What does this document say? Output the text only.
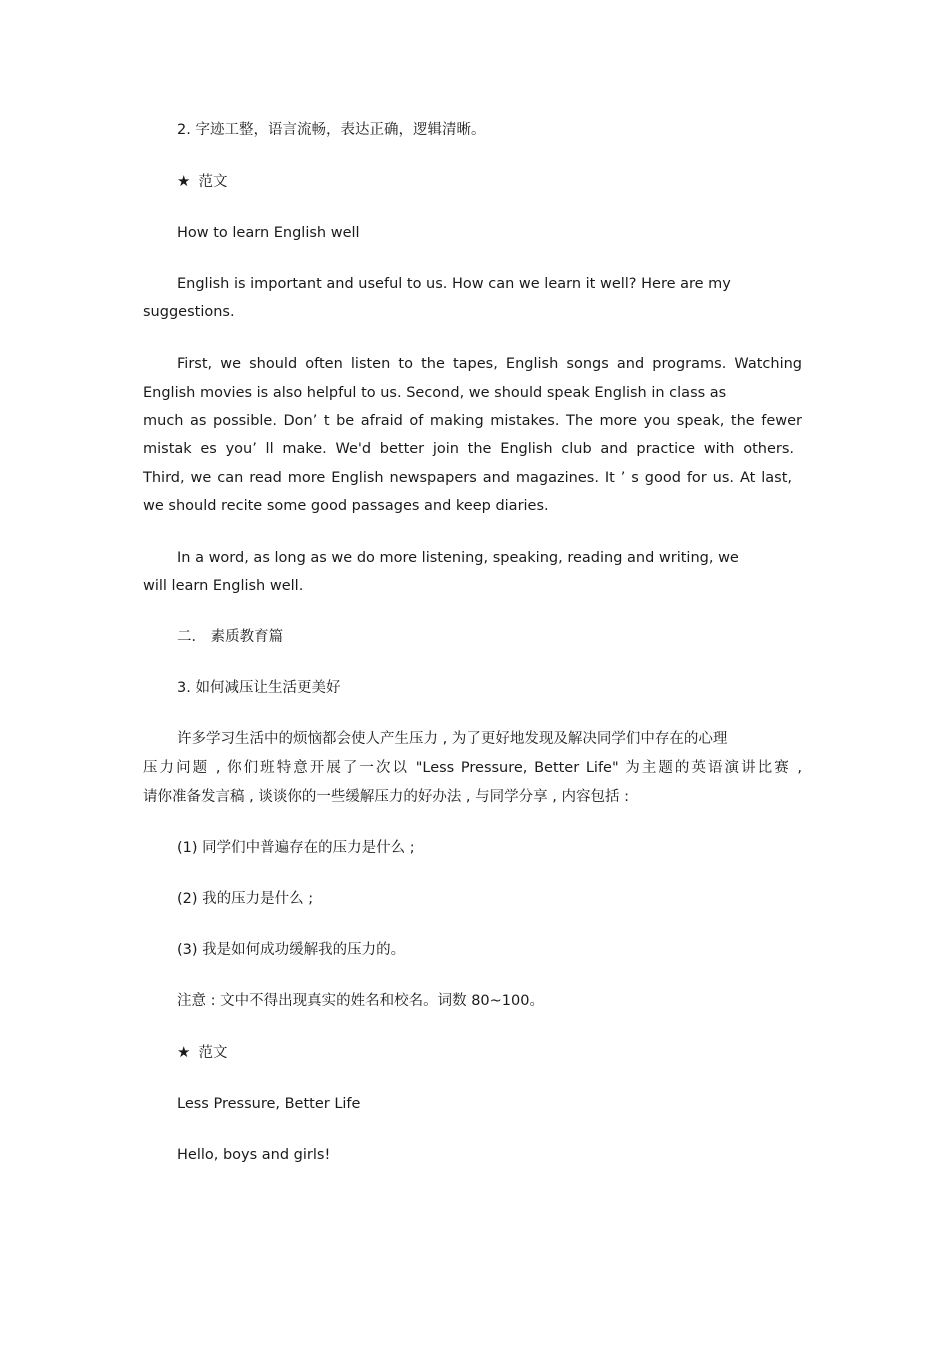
2. 字迹工整，语言流畅，表达正确，逻辑清晰。
★ 范文
How to learn English well
English is important and useful to us. How can we learn it well? Here are my
suggestions.
First, we should often listen to the tapes, English songs and programs. Watching
English movies is also helpful to us. Second, we should speak English in class as
much as possible. Don’ t be afraid of making mistakes. The more you speak, the fewer
mistak es you’ ll make. We'd better join the English club and practice with others.
Third, we can read more English newspapers and magazines. It ’ s good for us. At last,
we should recite some good passages and keep diaries.
In a word, as long as we do more listening, speaking, reading and writing, we
will learn English well.
二． 素质教育篇
3. 如何减压让生活更美好
许多学习生活中的烦恼都会使人产生压力 , 为了更好地发现及解决同学们中存在的心理
压力问题 , 你们班特意开展了一次以 "Less Pressure, Better Life" 为主题的英语演讲比赛 ,
请你准备发言稿 , 谈谈你的一些缓解压力的好办法 , 与同学分享 , 内容包括 :
(1) 同学们中普遍存在的压力是什么 ;
(2) 我的压力是什么 ;
(3) 我是如何成功缓解我的压力的。
注意 : 文中不得出现真实的姓名和校名。词数 80~100。
★ 范文
Less Pressure, Better Life
Hello, boys and girls!
